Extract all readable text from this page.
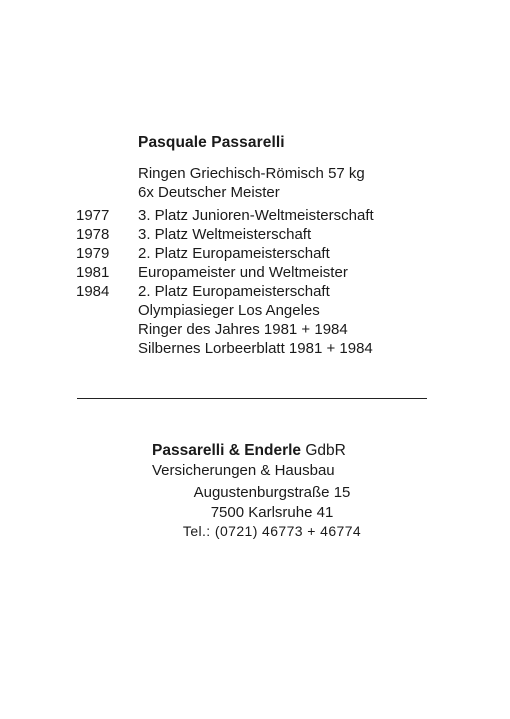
Pasquale Passarelli
Ringen Griechisch-Römisch 57 kg
6x Deutscher Meister
1977	3. Platz Junioren-Weltmeisterschaft
1978	3. Platz Weltmeisterschaft
1979	2. Platz Europameisterschaft
1981	Europameister und Weltmeister
1984	2. Platz Europameisterschaft
Olympiasieger Los Angeles
Ringer des Jahres 1981 + 1984
Silbernes Lorbeerblatt 1981 + 1984
Passarelli & Enderle GdbR
Versicherungen & Hausbau
Augustenburgstraße 15
7500 Karlsruhe 41
Tel.: (0721) 46773 + 46774
